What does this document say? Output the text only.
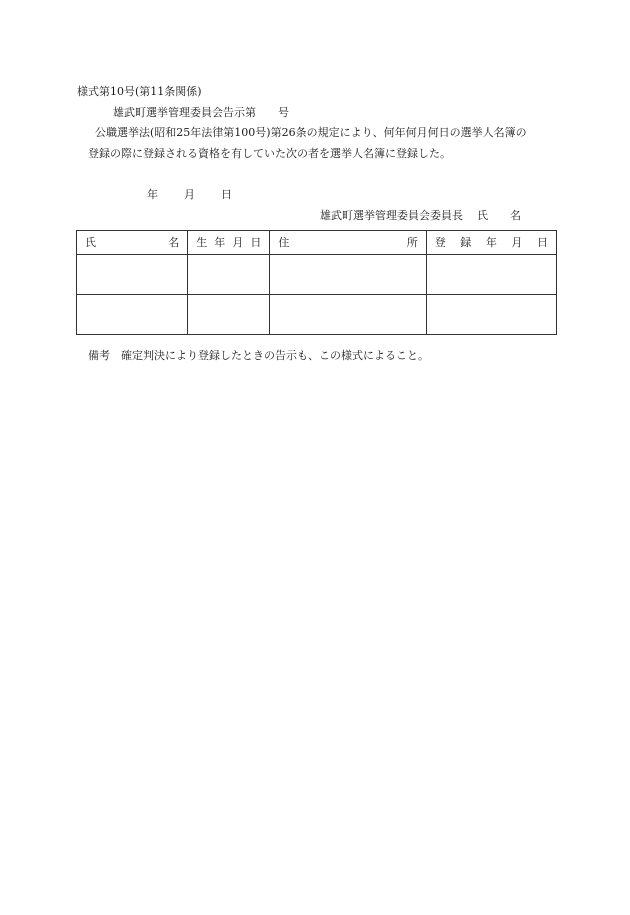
様式第10号(第11条関係)
雄武町選挙管理委員会告示第　　号
公職選挙法(昭和25年法律第100号)第26条の規定により、何年何月何日の選挙人名簿の
登録の際に登録される資格を有していた次の者を選挙人名簿に登録した。
年 月 日
雄武町選挙管理委員会委員長 氏　　名
氏 名	生 年 月 日	住 所	登 録 年 月 日

備考　確定判決により登録したときの告示も、この様式によること。
